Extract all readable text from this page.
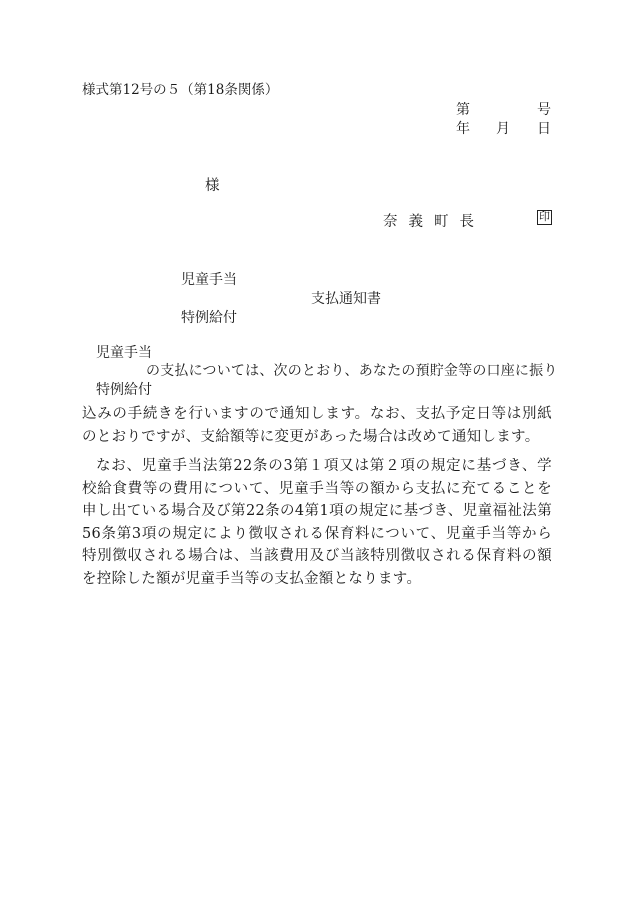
様式第12号の５（第18条関係）
第	号
年 月 日
様
奈義町長	印
児童手当
支払通知書
特例給付
児童手当
の支払については、次のとおり、あなたの預貯金等の口座に振り
特例給付
込みの手続きを行いますので通知します。なお、支払予定日等は別紙のとおりですが、支給額等に変更があった場合は改めて通知します。
なお、児童手当法第22条の3第１項又は第２項の規定に基づき、学校給食費等の費用について、児童手当等の額から支払に充てることを申し出ている場合及び第22条の4第1項の規定に基づき、児童福祉法第56条第3項の規定により徴収される保育料について、児童手当等から特別徴収される場合は、当該費用及び当該特別徴収される保育料の額を控除した額が児童手当等の支払金額となります。
